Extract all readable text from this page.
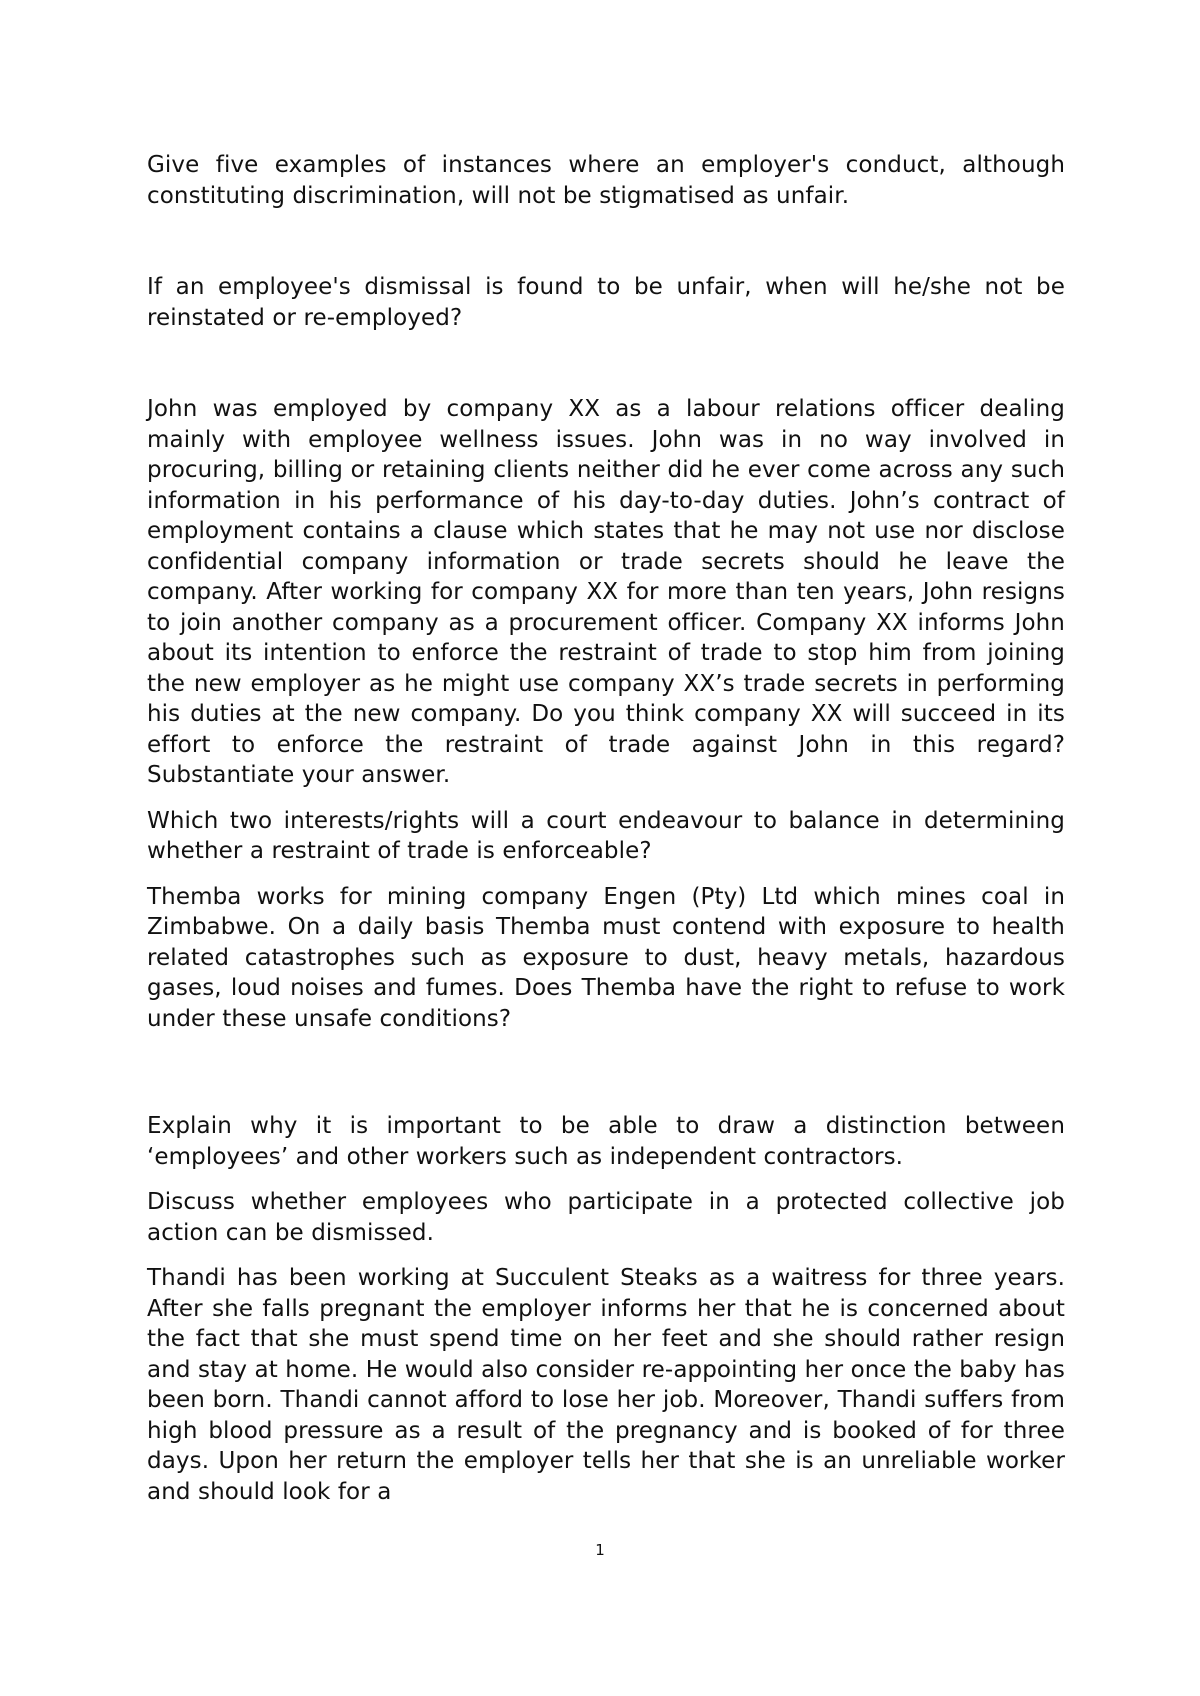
Give five examples of instances where an employer's conduct, although constituting discrimination, will not be stigmatised as unfair.

If an employee's dismissal is found to be unfair, when will he/she not be reinstated or re-employed?

John was employed by company XX as a labour relations officer dealing mainly with employee wellness issues. John was in no way involved in procuring, billing or retaining clients neither did he ever come across any such information in his performance of his day-to-day duties. John’s contract of employment contains a clause which states that he may not use nor disclose confidential company information or trade secrets should he leave the company. After working for company XX for more than ten years, John resigns to join another company as a procurement officer. Company XX informs John about its intention to enforce the restraint of trade to stop him from joining the new employer as he might use company XX’s trade secrets in performing his duties at the new company. Do you think company XX will succeed in its effort to enforce the restraint of trade against John in this regard? Substantiate your answer.

Which two interests/rights will a court endeavour to balance in determining whether a restraint of trade is enforceable?

Themba works for mining company Engen (Pty) Ltd which mines coal in Zimbabwe. On a daily basis Themba must contend with exposure to health related catastrophes such as exposure to dust, heavy metals, hazardous gases, loud noises and fumes. Does Themba have the right to refuse to work under these unsafe conditions?

Explain why it is important to be able to draw a distinction between ‘employees’ and other workers such as independent contractors.

Discuss whether employees who participate in a protected collective job action can be dismissed.

Thandi has been working at Succulent Steaks as a waitress for three years. After she falls pregnant the employer informs her that he is concerned about the fact that she must spend time on her feet and she should rather resign and stay at home. He would also consider re-appointing her once the baby has been born. Thandi cannot afford to lose her job. Moreover, Thandi suffers from high blood pressure as a result of the pregnancy and is booked of for three days. Upon her return the employer tells her that she is an unreliable worker and should look for a

1
